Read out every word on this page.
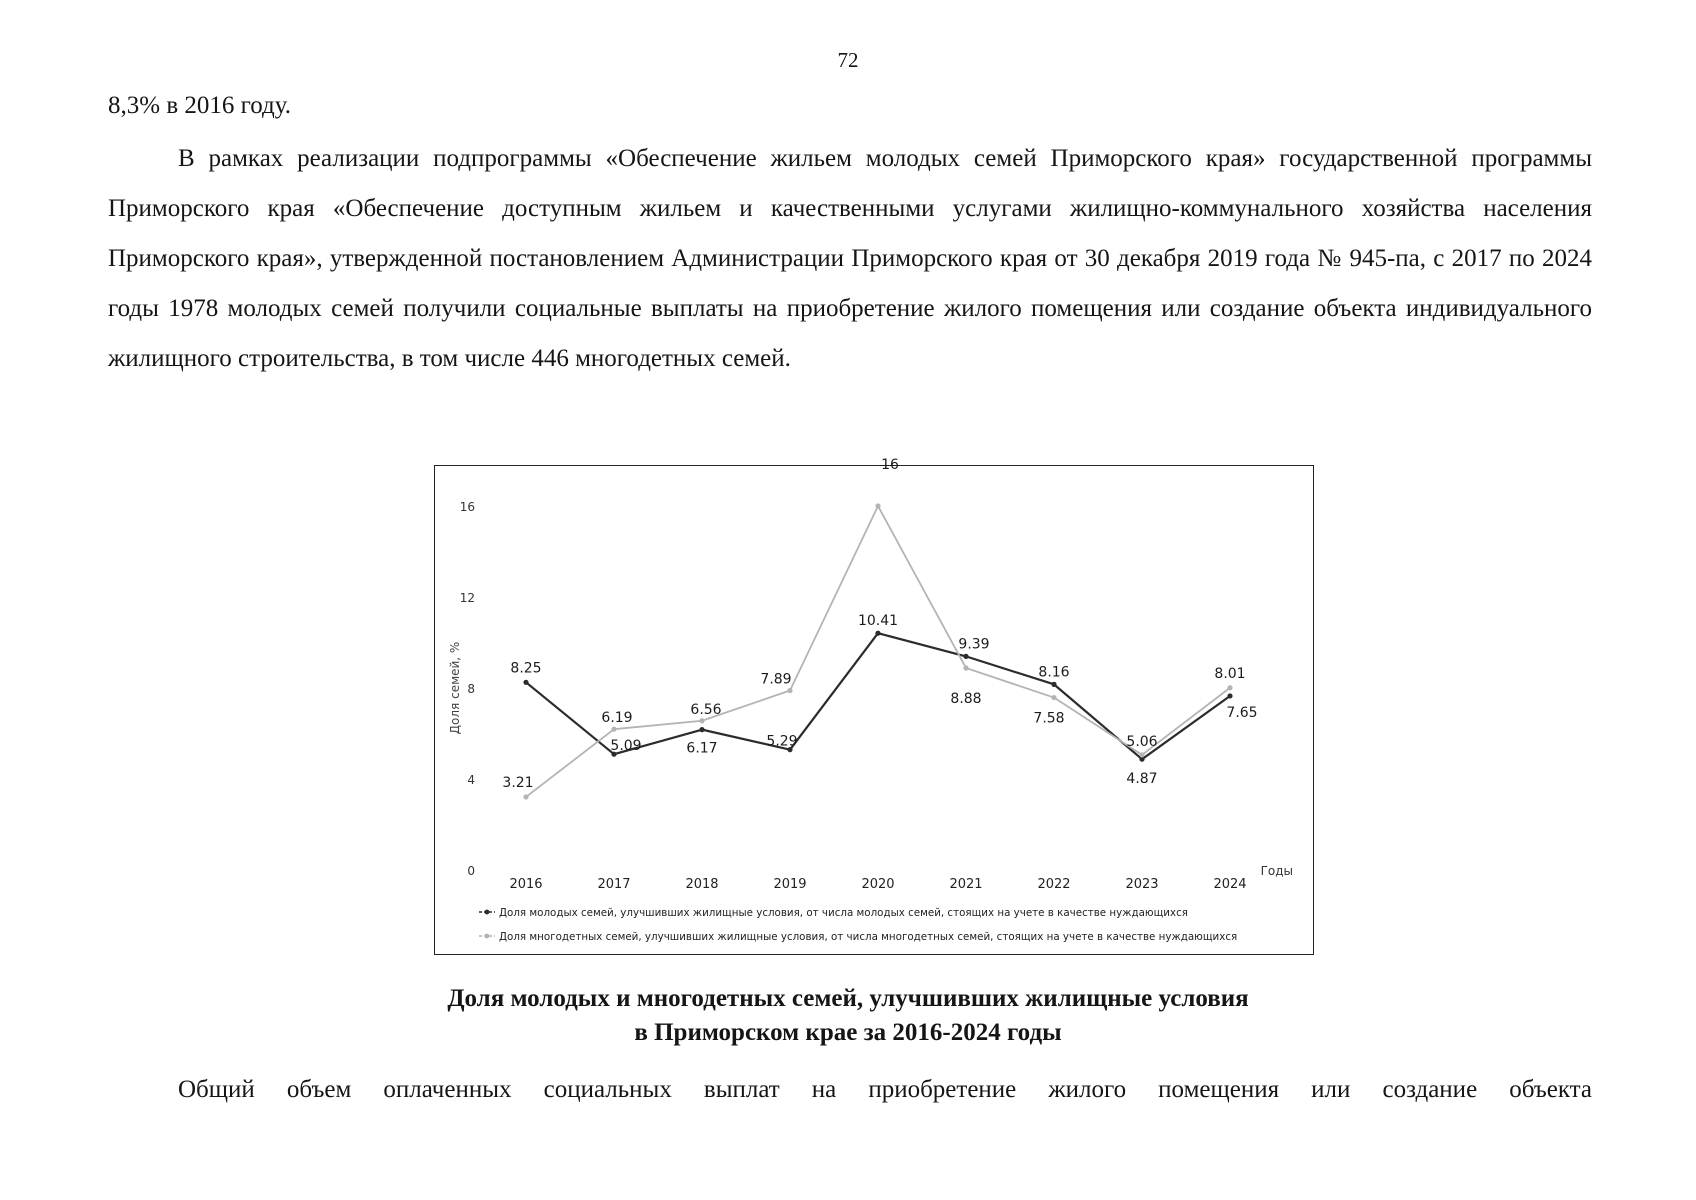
72

8,3% в 2016 году.

В рамках реализации подпрограммы «Обеспечение жильем молодых семей Приморского края» государственной программы Приморского края «Обеспечение доступным жильем и качественными услугами жилищно-коммунального хозяйства населения Приморского края», утвержденной постановлением Администрации Приморского края от 30 декабря 2019 года № 945-па, с 2017 по 2024 годы 1978 молодых семей получили социальные выплаты на приобретение жилого помещения или создание объекта индивидуального жилищного строительства, в том числе 446 многодетных семей.

0
4
8
12
16
Доля семей, %
2016	2017	2018	2019	2020	2021	2022	2023	2024
Годы
8.25
5.09	6.17	5.29
10.41
9.39
8.16
4.87
7.65
3.21
6.19
6.56
7.89
16
8.88
7.58
5.06
8.01
Доля молодых семей, улучшивших жилищные условия, от числа молодых семей, стоящих на учете в качестве нуждающихся
Доля многодетных семей, улучшивших жилищные условия, от числа многодетных семей, стоящих на учете в качестве нуждающихся
Доля молодых и многодетных семей, улучшивших жилищные условия
в Приморском крае за 2016-2024 годы

Общий объем оплаченных социальных выплат на приобретение жилого помещения или создание объекта
